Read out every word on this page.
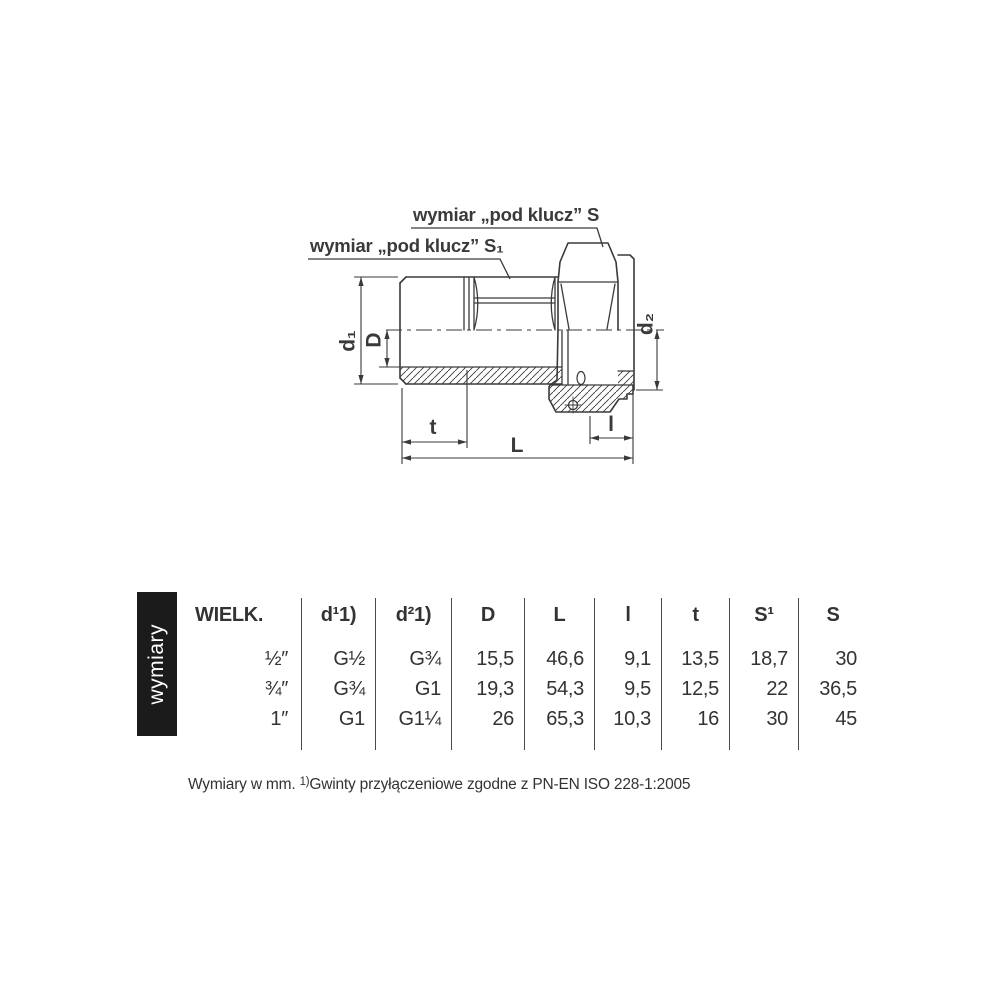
wymiar „pod klucz” S
wymiar „pod klucz” S₁
d₁ D
d₂
t
L
l
wymiary
WIELK.	d¹1)	d²1)	D	L	l	t	S¹	S
½″	G½	G¾	15,5	46,6	9,1	13,5	18,7	30
¾″	G¾	G1	19,3	54,3	9,5	12,5	22	36,5
1″	G1	G1¼	26	65,3	10,3	16	30	45
Wymiary w mm. $^{1)}$Gwinty przyłączeniowe zgodne z PN-EN ISO 228-1:2005
